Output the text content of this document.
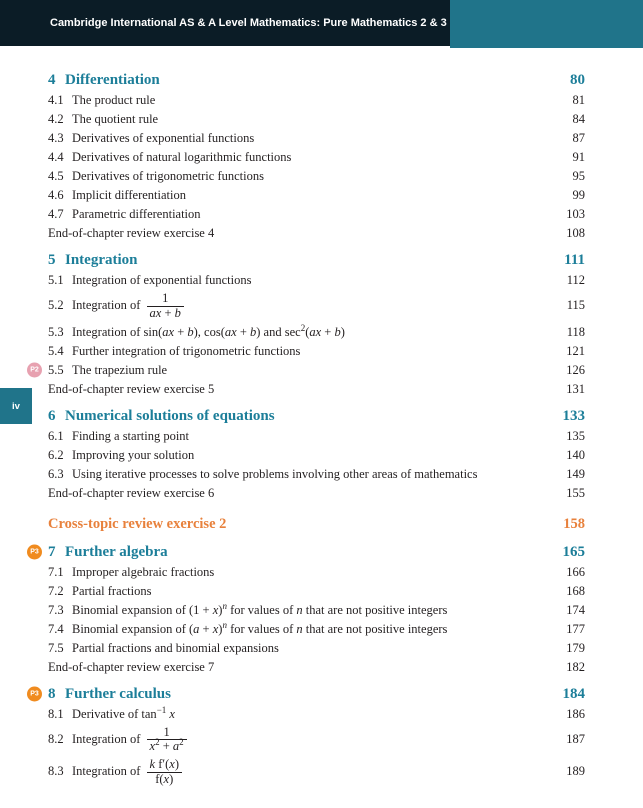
Cambridge International AS & A Level Mathematics: Pure Mathematics 2 & 3
iv
4 Differentiation	80
4.1 The product rule	81
4.2 The quotient rule	84
4.3 Derivatives of exponential functions	87
4.4 Derivatives of natural logarithmic functions	91
4.5 Derivatives of trigonometric functions	95
4.6 Implicit differentiation	99
4.7 Parametric differentiation	103
End-of-chapter review exercise 4	108
5 Integration	111
5.1 Integration of exponential functions	112
5.2 Integration of $\frac{1}{ax + b}$	115
5.3 Integration of sin(ax + b), cos(ax + b) and $\sec^2(ax + b)$	118
5.4 Further integration of trigonometric functions	121
P2 5.5 The trapezium rule	126
End-of-chapter review exercise 5	131
6 Numerical solutions of equations	133
6.1 Finding a starting point	135
6.2 Improving your solution	140
6.3 Using iterative processes to solve problems involving other areas of mathematics	149
End-of-chapter review exercise 6	155
Cross-topic review exercise 2	158
P3 7 Further algebra	165
7.1 Improper algebraic fractions	166
7.2 Partial fractions	168
7.3 Binomial expansion of $(1 + x)^n$ for values of n that are not positive integers	174
7.4 Binomial expansion of $(a + x)^n$ for values of n that are not positive integers	177
7.5 Partial fractions and binomial expansions	179
End-of-chapter review exercise 7	182
P3 8 Further calculus	184
8.1 Derivative of $\tan^{-1} x$	186
8.2 Integration of $\frac{1}{x^2 + a^2}$	187
8.3 Integration of $\frac{\text{k f′(x)}}{f(x)}$	189
